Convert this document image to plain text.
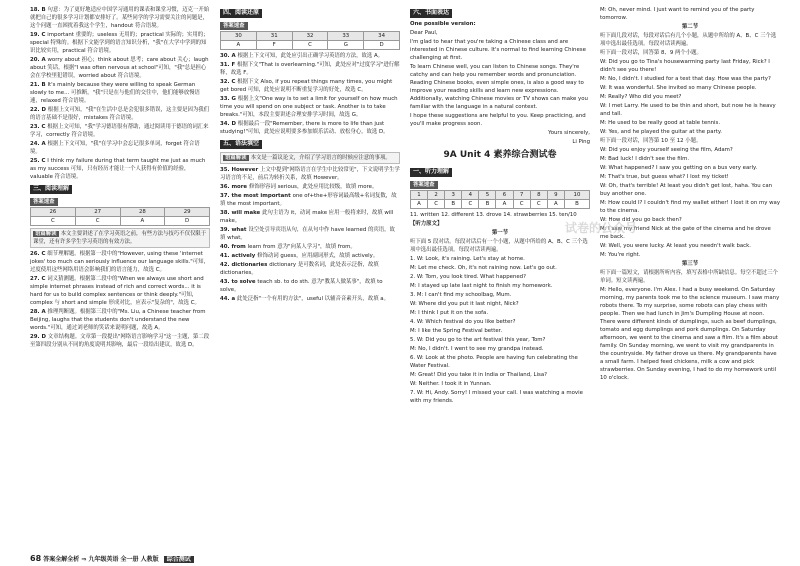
18. B 句意：为了更好地适应中国学习通用的课表和课堂习惯，迈克一开始就把自己的很多学习计划都安排好了。某些同学的学习需要关注的问题是，这个问题一直困扰着我这个学生，handout 符合语境。

19. C important 重要的；useless 无用的；practical 实际的；实用的；special 特殊的。根据下文能学到的语言知识分析，"我"在大学中学到的知识比较实用，practical 符合语境。

20. A worry about 担心；think about 思考；care about 关心；laugh about 笑话。根据"I was often nervous at school"可知，"我"总是担心会在学校里犯错误，worried about 符合语境。

21. B It's mainly because they were willing to speak German slowly to me... 可推断，"我"只是在与他们的交往中，他们能够放慢语速，relaxed 符合语境。

22. D 根据上文可知，"我"在生活中总是会犯很多错误，这主要是因为我们的语言基础不是很好，mistakes 符合语境。

23. C 根据上文可知，"我"学习德语很有帮助，通过阅读用于德语的词汇来学习，correctly 符合语境。

24. A 根据上下文可知，"我"在学习中会忘记很多单词，forget 符合语境。

25. C I think my failure during that term taught me just as much as my success 可知，只有经历才能让一个人获得有价值的经验，valuable 符合语境。

三、阅读理解
答案速查
26	27	28	29
C	C	A	D
语篇解读 本文主要讲述了在学习英语之前，有些方法与技巧不仅仅限于课堂，还有许多学生学习英语的有效方法。

26. C 细节理解题。根据第一段中的"However, using these 'internet jokes' too much can seriously influence our language skills."可知，过度使用这些网络用语会影响我们的语言能力，故选 C。

27. C 词义猜测题。根据第二段中的"When we always use short and simple internet phrases instead of rich and correct words... it is hard for us to build complex sentences or think deeply."可知，complex 与 short and simple 形成对比，应表示"复杂的"，故选 C。

28. A 推理判断题。根据第三段中的"Ms. Liu, a Chinese teacher from Beijing, laughs that the students don't understand the new words."可知，通过刘老师的笑话来说明问题，故选 A。

29. D 文章结构题。文章第一段提出"网络语言影响学习"这一主题，第二段至第四段分别从不同的角度说明其影响，最后一段给出建议，故选 D。

四、阅读还原
答案速查
30	31	32	33	34
A	F	C	G	D

30. A 根据上下文可知，此处应引出正确学习英语的方法，故选 A。

31. F 根据下文"That is overlearning."可知，此处应对"过度学习"进行解释，故选 F。

32. C 根据下文 Also, if you repeat things many times, you might get bored 可知，此处应说明不断重复学习的好处，故选 C。

33. G 根据上文"One way is to set a limit for yourself on how much time you will spend on one subject or task. Another is to take breaks."可知，本段主要讲述合理安排学习时间，故选 G。

34. D 根据最后一段"Remember, there is more to life than just studying!"可知，此处应说明要多参加娱乐活动、放松身心，故选 D。

五、语法填空
语篇解读 本文是一篇议论文，介绍了学习语言的时候应注意的事项。

35. However 上文中提到"网络语言在学生中比较常见"，下文说明学生学习语言的不足，前后为转折关系，故填 However。

36. more 修饰形容词 serious，此处应用比较级，故填 more。

37. the most important one of+the+形容词最高级+名词复数，故填 the most important。

38. will make 此句主语为 it，动词 make 应用一般将来时，故填 will make。

39. what 设空处引导宾语从句，在从句中作 have learned 的宾语，故填 what。

40. from learn from 意为"向某人学习"，故填 from。

41. actively 修饰动词 guess，应用副词形式，故填 actively。

42. dictionaries dictionary 是可数名词，此处表示泛指，故填 dictionaries。

43. to solve teach sb. to do sth. 意为"教某人做某事"，故填 to solve。

44. a 此处泛指"一个有用的方法"，useful 以辅音音素开头，故填 a。

六、书面表达

One possible version:

Dear Paul,

I'm glad to hear that you're taking a Chinese class and are interested in Chinese culture. It's normal to find learning Chinese challenging at first.

To learn Chinese well, you can listen to Chinese songs. They're catchy and can help you remember words and pronunciation. Reading Chinese books, even simple ones, is also a good way to improve your reading skills and learn new expressions. Additionally, watching Chinese movies or TV shows can make you familiar with the language in a natural context.

I hope these suggestions are helpful to you. Keep practicing, and you'll make progress soon.

Yours sincerely,

Li Ping

9A Unit 4 素养综合测试卷
一、听力理解
答案速查
1	2	3	4	5	6	7	8	9	10
A	C	B	C	B	A	C	C	A	B

11. written 12. different 13. drove 14. strawberries 15. ten/10

【听力原文】

第一节

听下面 5 段对话。每段对话后有一个小题，从题中所给的 A、B、C 三个选项中选出最佳选项。每段对话读两遍。

1. W: Look, it's raining. Let's stay at home.

M: Let me check. Oh, it's not raining now. Let's go out.

2. W: Tom, you look tired. What happened?

M: I stayed up late last night to finish my homework.

3. M: I can't find my schoolbag, Mum.

W: Where did you put it last night, Nick?

M: I think I put it on the sofa.

4. W: Which festival do you like better?

M: I like the Spring Festival better.

5. W: Did you go to the art festival this year, Tom?

M: No, I didn't. I went to see my grandpa instead.

6. W: Look at the photo. People are having fun celebrating the Water Festival.

M: Great! Did you take it in India or Thailand, Lisa?

W: Neither. I took it in Yunnan.

7. W: Hi, Andy. Sorry! I missed your call. I was watching a movie with my friends.

M: Oh, never mind. I just want to remind you of the party tomorrow.

第二节

听下面几段对话，每段对话后有几个小题，从题中所给的 A、B、C 三个选项中选出最佳选项。每段对话读两遍。

听下面一段对话，回答第 8、9 两个小题。

W: Did you go to Tina's housewarming party last Friday, Rick? I didn't see you there!

M: No, I didn't. I studied for a test that day. How was the party?

W: It was wonderful. She invited so many Chinese people.

M: Really? Who did you meet?

W: I met Larry. He used to be thin and short, but now he is heavy and tall.

M: He used to be really good at table tennis.

W: Yes, and he played the guitar at the party.

听下面一段对话，回答第 10 至 12 小题。

W: Did you enjoy yourself seeing the film, Adam?

M: Bad luck! I didn't see the film.

W: What happened? I saw you getting on a bus very early.

M: That's true, but guess what? I lost my ticket!

W: Oh, that's terrible! At least you didn't get lost, haha. You can buy another one.

M: How could I? I couldn't find my wallet either! I lost it on my way to the cinema.

W: How did you go back then?

M: I saw my friend Nick at the gate of the cinema and he drove me back.

W: Well, you were lucky. At least you needn't walk back.

M: You're right.

第三节

听下面一篇短文，请根据所听内容，填写表格中所缺信息。每空不超过三个单词。短文读两遍。

M: Hello, everyone. I'm Alex. I had a busy weekend. On Saturday morning, my parents took me to the science museum. I saw many robots there. To my surprise, some robots can play chess with people. Then we had lunch in Jim's Dumpling House at noon. There were different kinds of dumplings, such as beef dumplings, tomato and egg dumplings and pork dumplings. On Saturday afternoon, we went to the cinema and saw a film. It's a film about family. On Sunday morning, we went to visit my grandparents in the countryside. My father drove us there. My grandparents have a small farm. I helped feed chickens, milk a cow and pick strawberries. On Sunday evening, I had to do my homework until 10 o'clock.

试卷的公众号
68 答案全解全析 ⇒ 九年级英语 全一册 人教版 综合测试
